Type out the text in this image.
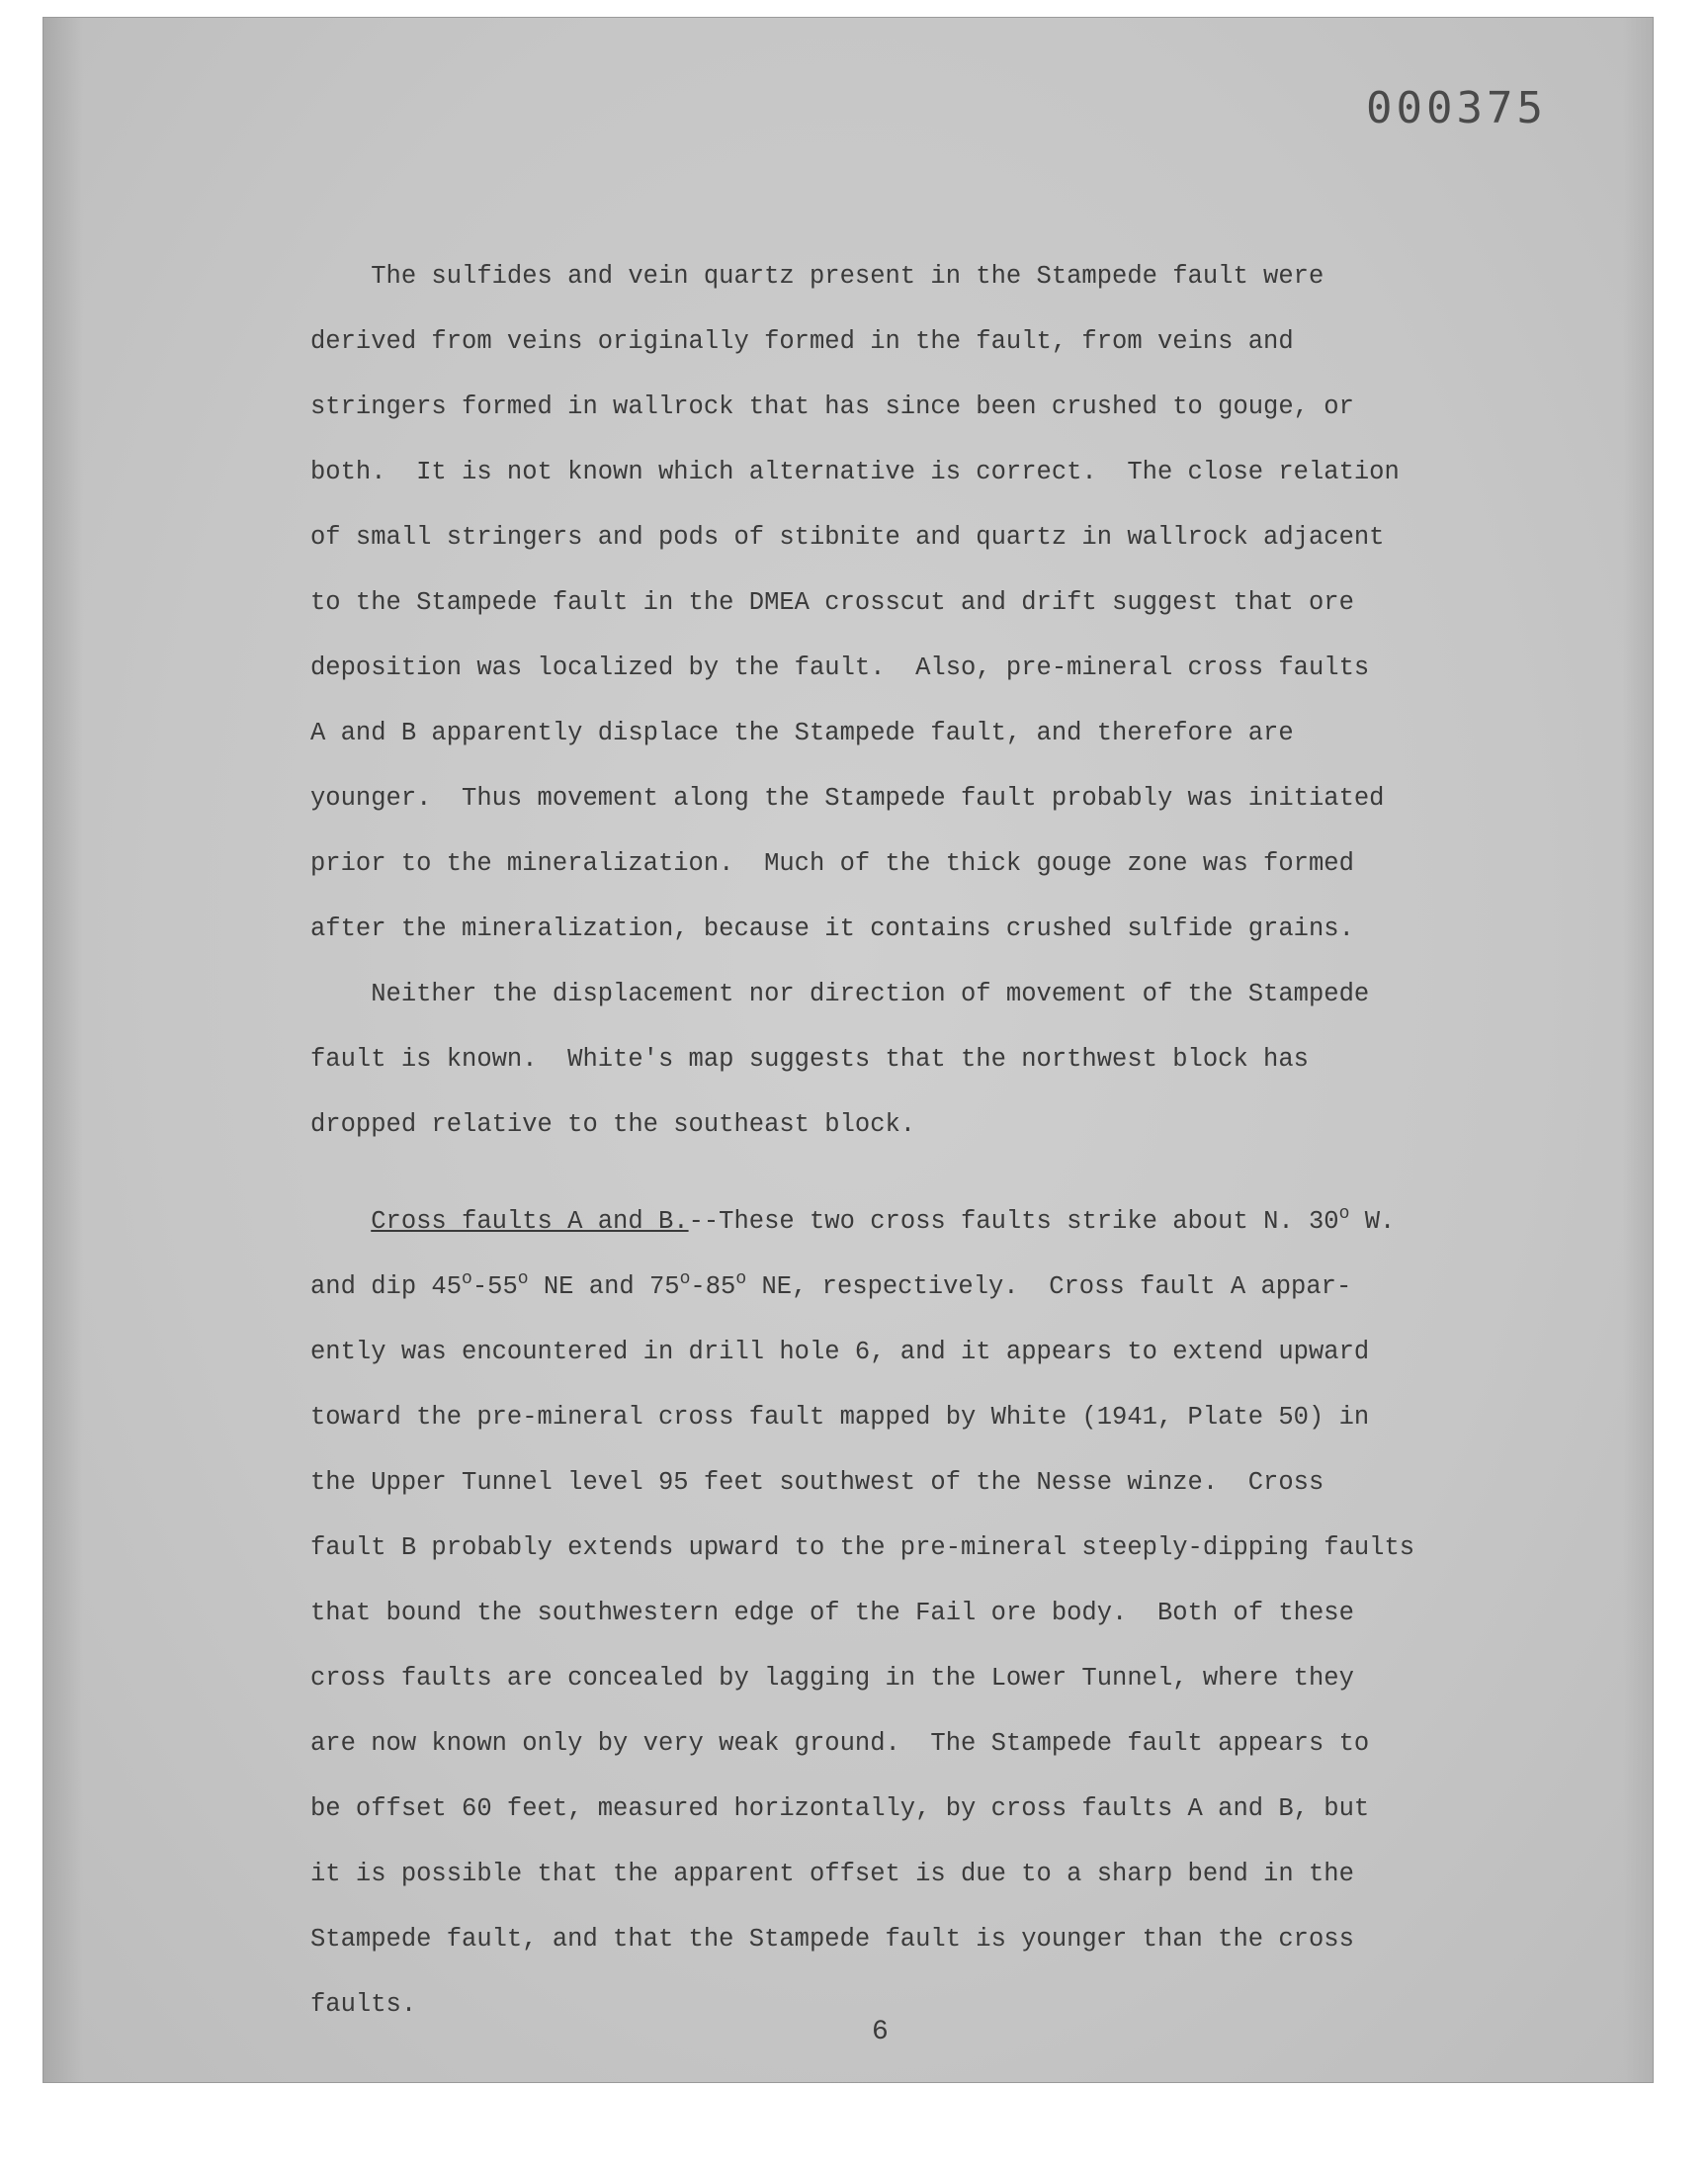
000375
The sulfides and vein quartz present in the Stampede fault were
derived from veins originally formed in the fault, from veins and
stringers formed in wallrock that has since been crushed to gouge, or
both.  It is not known which alternative is correct.  The close relation
of small stringers and pods of stibnite and quartz in wallrock adjacent
to the Stampede fault in the DMEA crosscut and drift suggest that ore
deposition was localized by the fault.  Also, pre-mineral cross faults
A and B apparently displace the Stampede fault, and therefore are
younger.  Thus movement along the Stampede fault probably was initiated
prior to the mineralization.  Much of the thick gouge zone was formed
after the mineralization, because it contains crushed sulfide grains.
Neither the displacement nor direction of movement of the Stampede
fault is known.  White's map suggests that the northwest block has
dropped relative to the southeast block.
Cross faults A and B.--These two cross faults strike about N. 30$^o$ W.
and dip 45$^o$-55$^o$ NE and 75$^o$-85$^o$ NE, respectively.  Cross fault A appar-
ently was encountered in drill hole 6, and it appears to extend upward
toward the pre-mineral cross fault mapped by White (1941, Plate 50) in
the Upper Tunnel level 95 feet southwest of the Nesse winze.  Cross
fault B probably extends upward to the pre-mineral steeply-dipping faults
that bound the southwestern edge of the Fail ore body.  Both of these
cross faults are concealed by lagging in the Lower Tunnel, where they
are now known only by very weak ground.  The Stampede fault appears to
be offset 60 feet, measured horizontally, by cross faults A and B, but
it is possible that the apparent offset is due to a sharp bend in the
Stampede fault, and that the Stampede fault is younger than the cross
faults.
6
